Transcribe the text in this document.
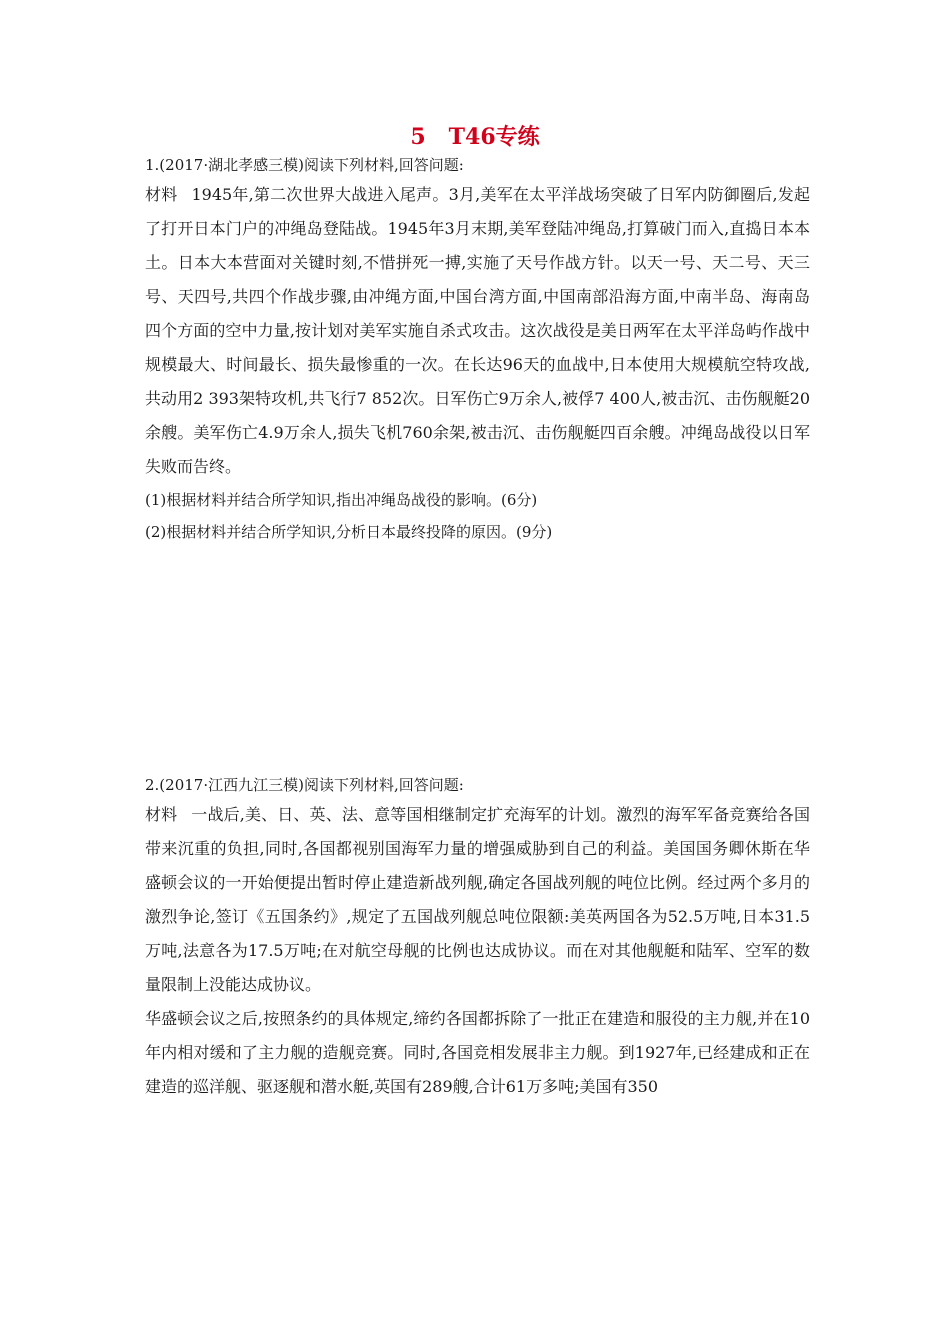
5   T46专练

1.(2017·湖北孝感三模)阅读下列材料,回答问题:

材料 1945年,第二次世界大战进入尾声。3月,美军在太平洋战场突破了日军内防御圈后,发起了打开日本门户的冲绳岛登陆战。1945年3月末期,美军登陆冲绳岛,打算破门而入,直捣日本本土。日本大本营面对关键时刻,不惜拼死一搏,实施了天号作战方针。以天一号、天二号、天三号、天四号,共四个作战步骤,由冲绳方面,中国台湾方面,中国南部沿海方面,中南半岛、海南岛四个方面的空中力量,按计划对美军实施自杀式攻击。这次战役是美日两军在太平洋岛屿作战中规模最大、时间最长、损失最惨重的一次。在长达96天的血战中,日本使用大规模航空特攻战,共动用2 393架特攻机,共飞行7 852次。日军伤亡9万余人,被俘7 400人,被击沉、击伤舰艇20余艘。美军伤亡4.9万余人,损失飞机760余架,被击沉、击伤舰艇四百余艘。冲绳岛战役以日军失败而告终。

(1)根据材料并结合所学知识,指出冲绳岛战役的影响。(6分)

(2)根据材料并结合所学知识,分析日本最终投降的原因。(9分)

2.(2017·江西九江三模)阅读下列材料,回答问题:

材料 一战后,美、日、英、法、意等国相继制定扩充海军的计划。激烈的海军军备竞赛给各国带来沉重的负担,同时,各国都视别国海军力量的增强威胁到自己的利益。美国国务卿休斯在华盛顿会议的一开始便提出暂时停止建造新战列舰,确定各国战列舰的吨位比例。经过两个多月的激烈争论,签订《五国条约》,规定了五国战列舰总吨位限额:美英两国各为52.5万吨,日本31.5万吨,法意各为17.5万吨;在对航空母舰的比例也达成协议。而在对其他舰艇和陆军、空军的数量限制上没能达成协议。

华盛顿会议之后,按照条约的具体规定,缔约各国都拆除了一批正在建造和服役的主力舰,并在10年内相对缓和了主力舰的造舰竞赛。同时,各国竞相发展非主力舰。到1927年,已经建成和正在建造的巡洋舰、驱逐舰和潜水艇,英国有289艘,合计61万多吨;美国有350
